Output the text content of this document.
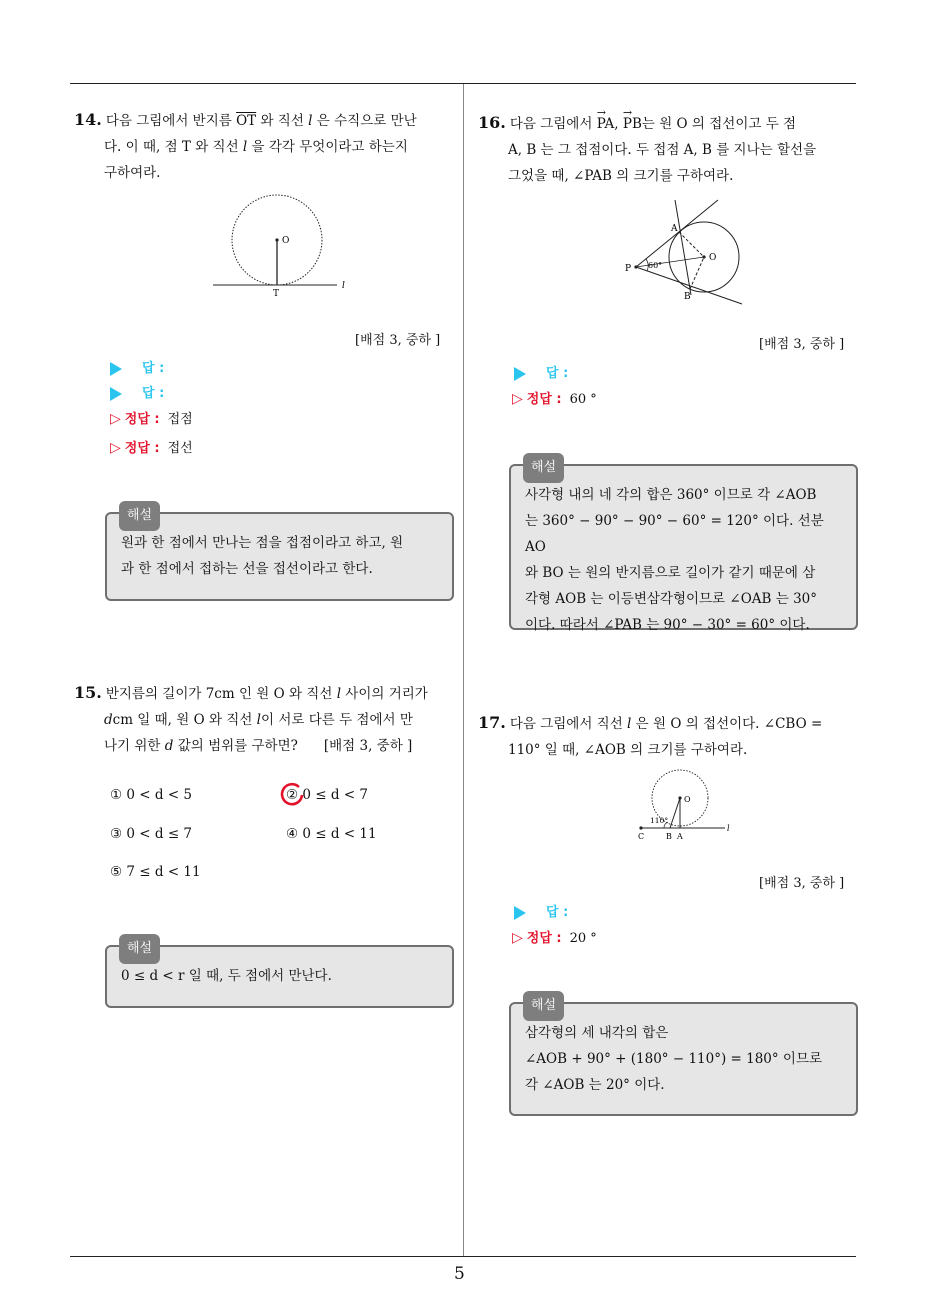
14. 다음 그림에서 반지름 $\overline{OT}$ 와 직선 l 은 수직으로 만난
다. 이 때, 점 T 와 직선 l 을 각각 무엇이라고 하는지
구하여라.
O
T
l
[배점 3, 중하 ]
답 :
답 :
▷ 정답 : 접점
▷ 정답 : 접선
해설
원과 한 점에서 만나는 점을 접점이라고 하고, 원
과 한 점에서 접하는 선을 접선이라고 한다.
15. 반지름의 길이가 7cm 인 원 O 와 직선 l 사이의 거리가
dcm 일 때, 원 O 와 직선 l이 서로 다른 두 점에서 만
나기 위한 d 값의 범위를 구하면? [배점 3, 중하 ]
① 0 < d < 5	② 0 ≤ d < 7
③ 0 < d ≤ 7	④ 0 ≤ d < 11
⑤ 7 ≤ d < 11
해설
0 ≤ d < r 일 때, 두 점에서 만난다.
16. 다음 그림에서 → PA, → PB는 원 O 의 접선이고 두 점
A, B 는 그 접점이다. 두 접점 A, B 를 지나는 할선을
그었을 때, ∠PAB 의 크기를 구하여라.
P
A
B
O
60°
[배점 3, 중하 ]
답 :
▷ 정답 : 60 °
해설
사각형 내의 네 각의 합은 360° 이므로 각 ∠AOB
는 360° − 90° − 90° − 60° = 120° 이다. 선분 AO
와 BO 는 원의 반지름으로 길이가 같기 때문에 삼
각형 AOB 는 이등변삼각형이므로 ∠OAB 는 30°
이다. 따라서 ∠PAB 는 90° − 30° = 60° 이다.
17. 다음 그림에서 직선 l 은 원 O 의 접선이다. ∠CBO =
110° 일 때, ∠AOB 의 크기를 구하여라.
O
110°
C	B A
l
[배점 3, 중하 ]
답 :
▷ 정답 : 20 °
해설
삼각형의 세 내각의 합은
∠AOB + 90° + (180° − 110°) = 180° 이므로
각 ∠AOB 는 20° 이다.
5
